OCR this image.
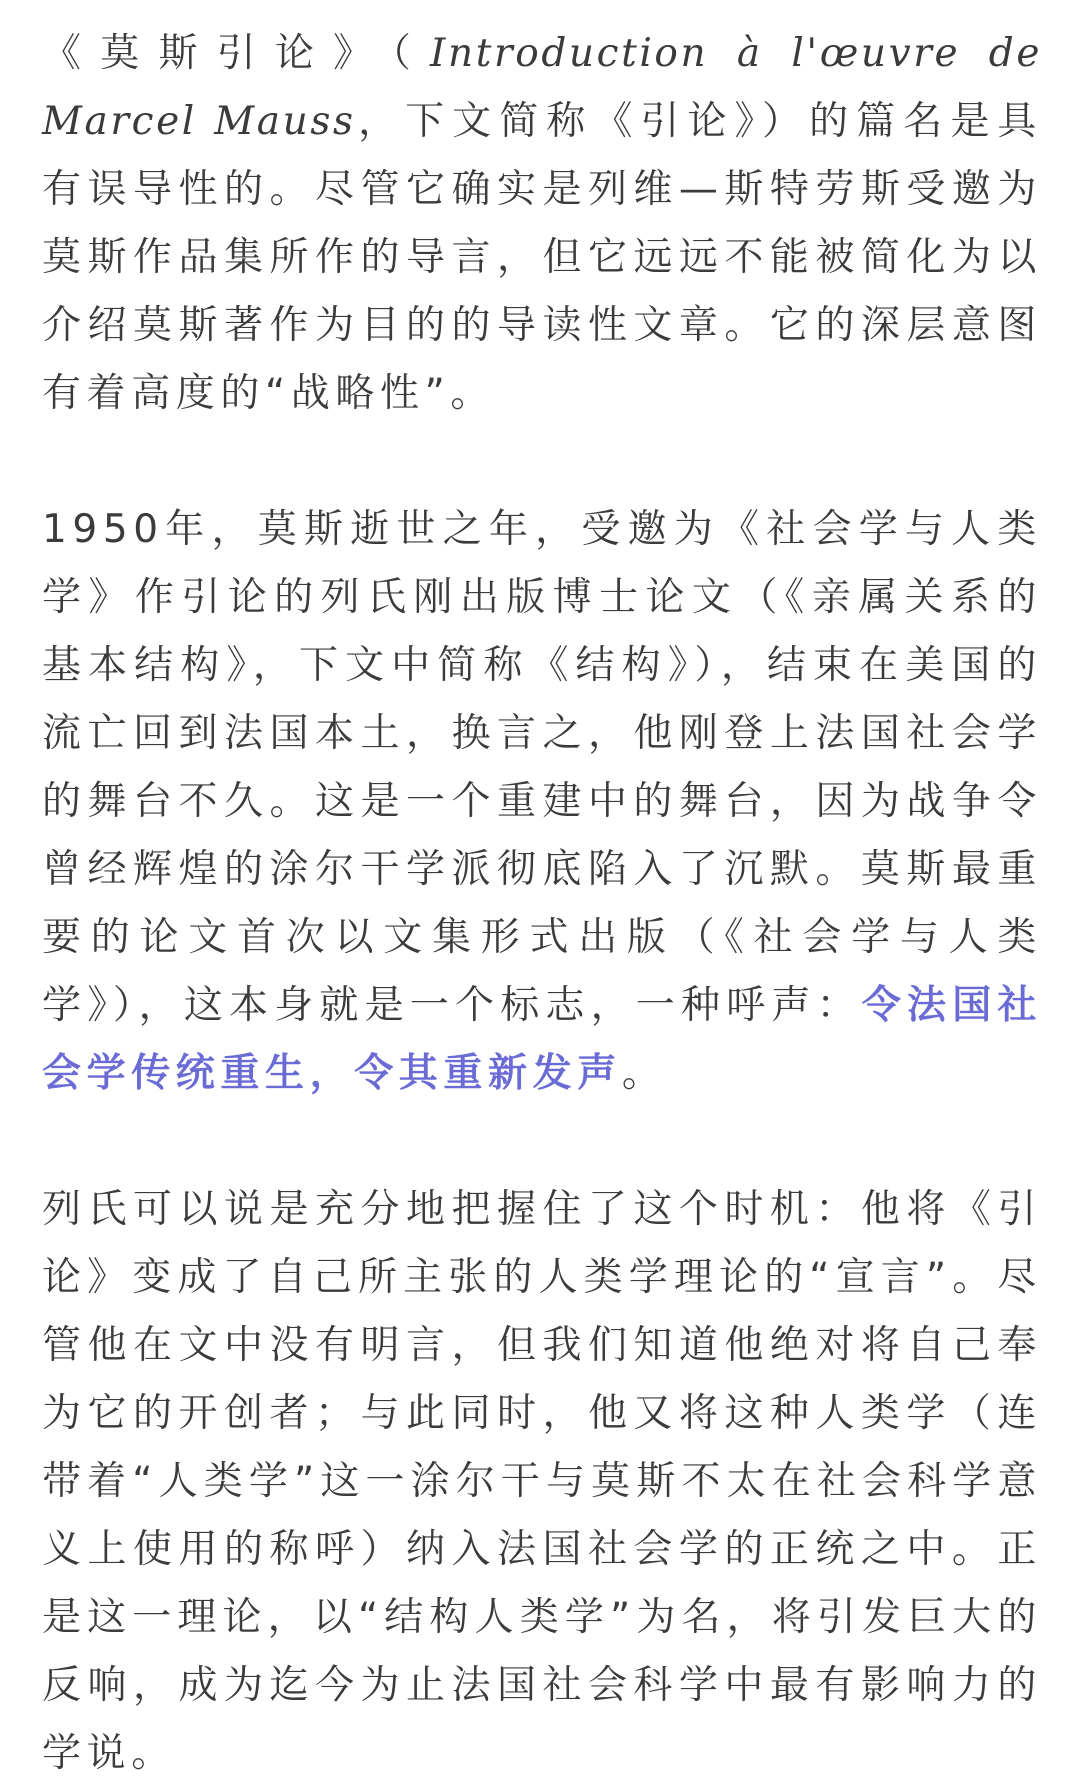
《莫斯引论》（Introduction à l'œuvre de Marcel Mauss，下文简称《引论》）的篇名是具有误导性的。尽管它确实是列维—斯特劳斯受邀为莫斯作品集所作的导言，但它远远不能被简化为以介绍莫斯著作为目的的导读性文章。它的深层意图有着高度的“战略性”。

1950年，莫斯逝世之年，受邀为《社会学与人类学》作引论的列氏刚出版博士论文（《亲属关系的基本结构》，下文中简称《结构》），结束在美国的流亡回到法国本土，换言之，他刚登上法国社会学的舞台不久。这是一个重建中的舞台，因为战争令曾经辉煌的涂尔干学派彻底陷入了沉默。莫斯最重要的论文首次以文集形式出版（《社会学与人类学》），这本身就是一个标志，一种呼声：令法国社会学传统重生，令其重新发声。

列氏可以说是充分地把握住了这个时机：他将《引论》变成了自己所主张的人类学理论的“宣言”。尽管他在文中没有明言，但我们知道他绝对将自己奉为它的开创者；与此同时，他又将这种人类学（连带着“人类学”这一涂尔干与莫斯不太在社会科学意义上使用的称呼）纳入法国社会学的正统之中。正是这一理论，以“结构人类学”为名，将引发巨大的反响，成为迄今为止法国社会科学中最有影响力的学说。
